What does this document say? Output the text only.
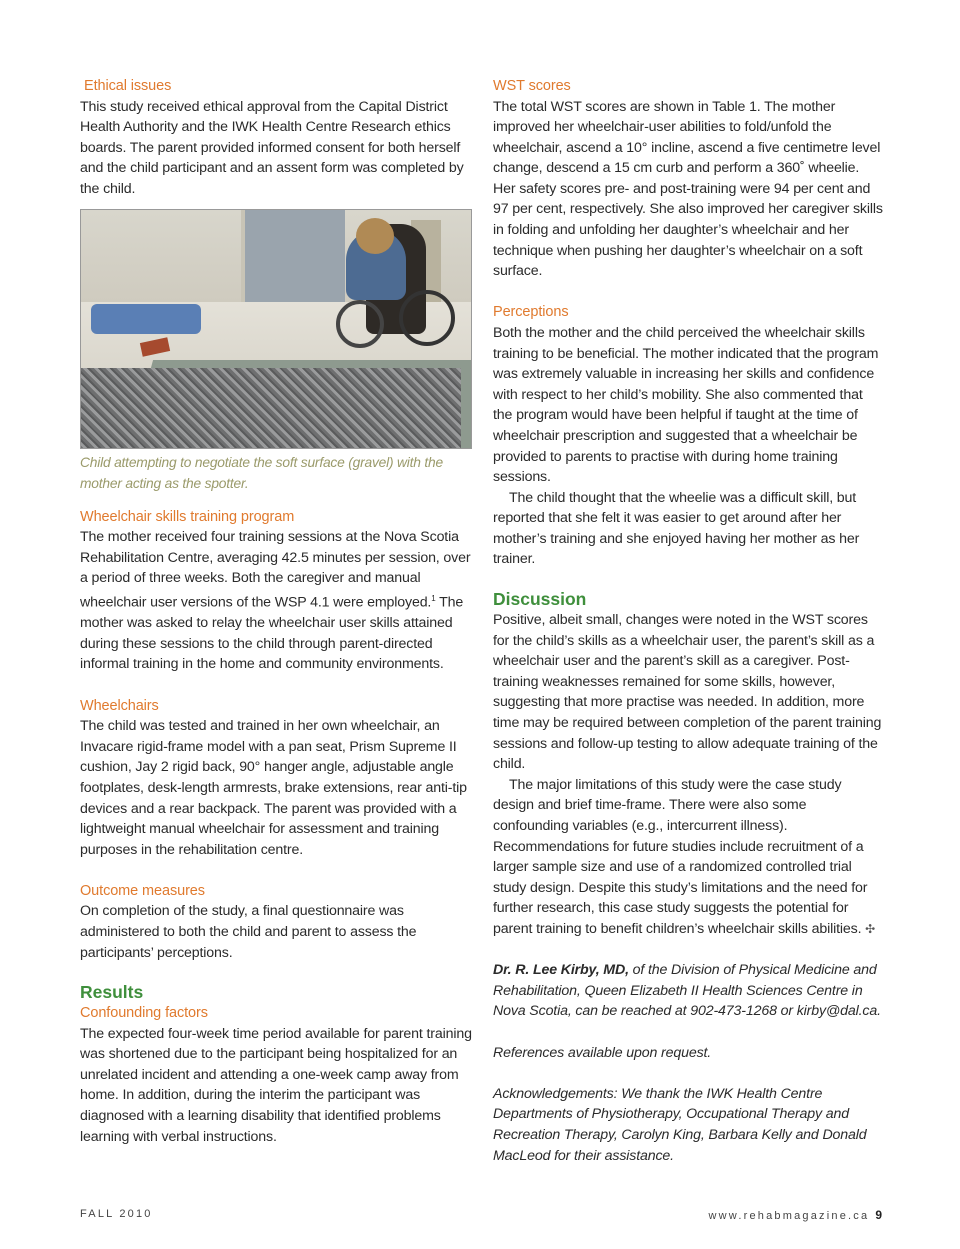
Ethical issues

This study received ethical approval from the Capital District Health Authority and the IWK Health Centre Research ethics boards. The parent provided informed consent for both herself and the child participant and an assent form was completed by the child.

Child attempting to negotiate the soft surface (gravel) with the mother acting as the spotter.

Wheelchair skills training program

The mother received four training sessions at the Nova Scotia Rehabilitation Centre, averaging 42.5 minutes per session, over a period of three weeks. Both the caregiver and manual wheelchair user versions of the WSP 4.1 were employed.$^1$ The mother was asked to relay the wheelchair user skills attained during these sessions to the child through parent-directed informal training in the home and community environments.

Wheelchairs

The child was tested and trained in her own wheelchair, an Invacare rigid-frame model with a pan seat, Prism Supreme II cushion, Jay 2 rigid back, 90° hanger angle, adjustable angle footplates, desk-length armrests, brake extensions, rear anti-tip devices and a rear backpack. The parent was provided with a lightweight manual wheelchair for assessment and training purposes in the rehabilitation centre.

Outcome measures

On completion of the study, a final questionnaire was administered to both the child and parent to assess the participants’ perceptions.

Results
Confounding factors

The expected four-week time period available for parent training was shortened due to the participant being hospitalized for an unrelated incident and attending a one-week camp away from home. In addition, during the interim the participant was diagnosed with a learning disability that identified problems learning with verbal instructions.

WST scores

The total WST scores are shown in Table 1. The mother improved her wheelchair-user abilities to fold/unfold the wheelchair, ascend a 10° incline, ascend a five centimetre level change, descend a 15 cm curb and perform a 360˚ wheelie. Her safety scores pre- and post-training were 94 per cent and 97 per cent, respectively. She also improved her caregiver skills in folding and unfolding her daughter’s wheelchair and her technique when pushing her daughter’s wheelchair on a soft surface.

Perceptions

Both the mother and the child perceived the wheelchair skills training to be beneficial. The mother indicated that the program was extremely valuable in increasing her skills and confidence with respect to her child’s mobility. She also commented that the program would have been helpful if taught at the time of wheelchair prescription and suggested that a wheelchair be provided to parents to practise with during home training sessions.

The child thought that the wheelie was a difficult skill, but reported that she felt it was easier to get around after her mother’s training and she enjoyed having her mother as her trainer.

Discussion

Positive, albeit small, changes were noted in the WST scores for the child’s skills as a wheelchair user, the parent’s skill as a wheelchair user and the parent’s skill as a caregiver. Post-training weaknesses remained for some skills, however, suggesting that more practise was needed. In addition, more time may be required between completion of the parent training sessions and follow-up testing to allow adequate training of the child.

The major limitations of this study were the case study design and brief time-frame. There were also some confounding variables (e.g., intercurrent illness). Recommendations for future studies include recruitment of a larger sample size and use of a randomized controlled trial study design. Despite this study’s limitations and the need for further research, this case study suggests the potential for parent training to benefit children’s wheelchair skills abilities. ✣

Dr. R. Lee Kirby, MD, of the Division of Physical Medicine and Rehabilitation, Queen Elizabeth II Health Sciences Centre in Nova Scotia, can be reached at 902-473-1268 or kirby@dal.ca.

References available upon request.

Acknowledgements: We thank the IWK Health Centre Departments of Physiotherapy, Occupational Therapy and Recreation Therapy, Carolyn King, Barbara Kelly and Donald MacLeod for their assistance.

FALL 2010	www.rehabmagazine.ca 9
